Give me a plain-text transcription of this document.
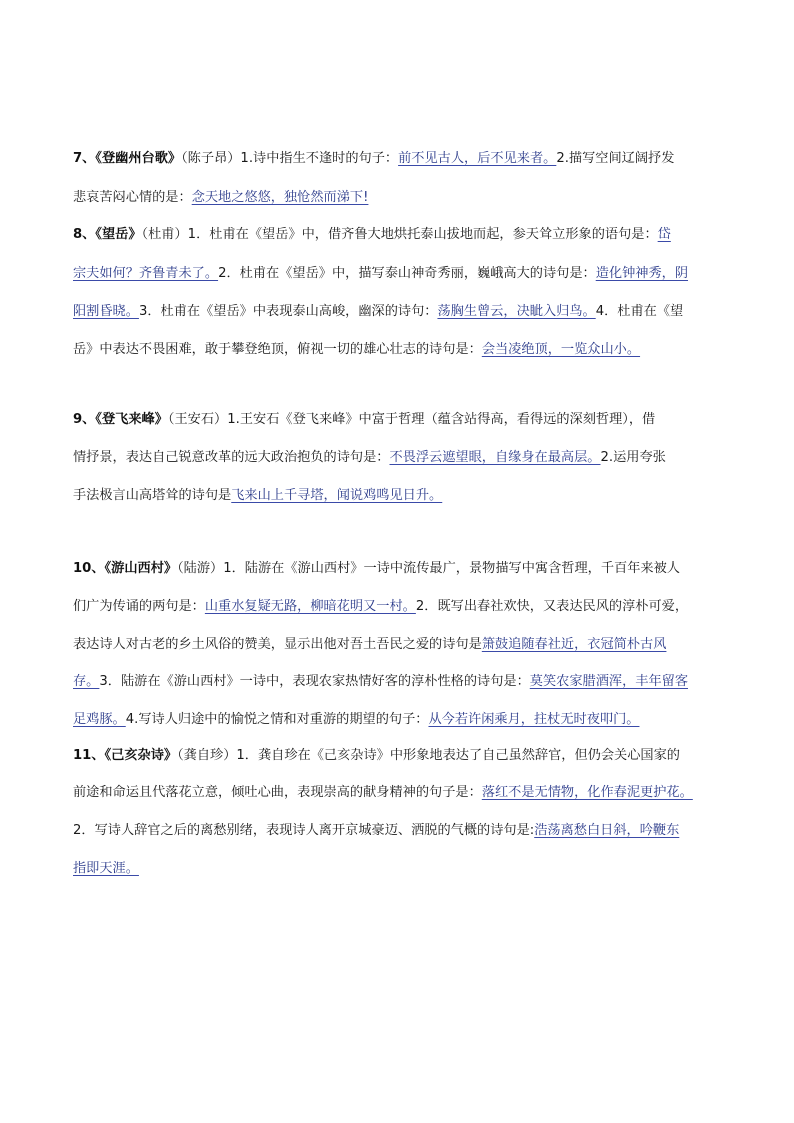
7、《登幽州台歌》（陈子昂）1.诗中指生不逢时的句子：前不见古人，后不见来者。2.描写空间辽阔抒发

悲哀苦闷心情的是：念天地之悠悠，独怆然而涕下!

8、《望岳》（杜甫）1．杜甫在《望岳》中，借齐鲁大地烘托泰山拔地而起，参天耸立形象的语句是：岱

宗夫如何？齐鲁青未了。2．杜甫在《望岳》中，描写泰山神奇秀丽，巍峨高大的诗句是：造化钟神秀，阴

阳割昏晓。3．杜甫在《望岳》中表现泰山高峻，幽深的诗句：荡胸生曾云，决眦入归鸟。4．杜甫在《望

岳》中表达不畏困难，敢于攀登绝顶，俯视一切的雄心壮志的诗句是：会当凌绝顶，一览众山小。

9、《登飞来峰》（王安石）1.王安石《登飞来峰》中富于哲理（蕴含站得高，看得远的深刻哲理），借

情抒景，表达自己锐意改革的远大政治抱负的诗句是：不畏浮云遮望眼，自缘身在最高层。2.运用夸张

手法极言山高塔耸的诗句是飞来山上千寻塔，闻说鸡鸣见日升。

10、《游山西村》（陆游）1．陆游在《游山西村》一诗中流传最广，景物描写中寓含哲理，千百年来被人

们广为传诵的两句是：山重水复疑无路，柳暗花明又一村。2．既写出春社欢快，又表达民风的淳朴可爱，

表达诗人对古老的乡土风俗的赞美，显示出他对吾土吾民之爱的诗句是箫鼓追随春社近，衣冠简朴古风

存。3．陆游在《游山西村》一诗中，表现农家热情好客的淳朴性格的诗句是：莫笑农家腊酒浑，丰年留客

足鸡豚。4.写诗人归途中的愉悦之情和对重游的期望的句子：从今若许闲乘月，拄杖无时夜叩门。

11、《己亥杂诗》（龚自珍）1．龚自珍在《己亥杂诗》中形象地表达了自己虽然辞官，但仍会关心国家的

前途和命运且代落花立意，倾吐心曲，表现崇高的献身精神的句子是：落红不是无情物，化作春泥更护花。

2．写诗人辞官之后的离愁别绪，表现诗人离开京城豪迈、洒脱的气概的诗句是:浩荡离愁白日斜，吟鞭东

指即天涯。
